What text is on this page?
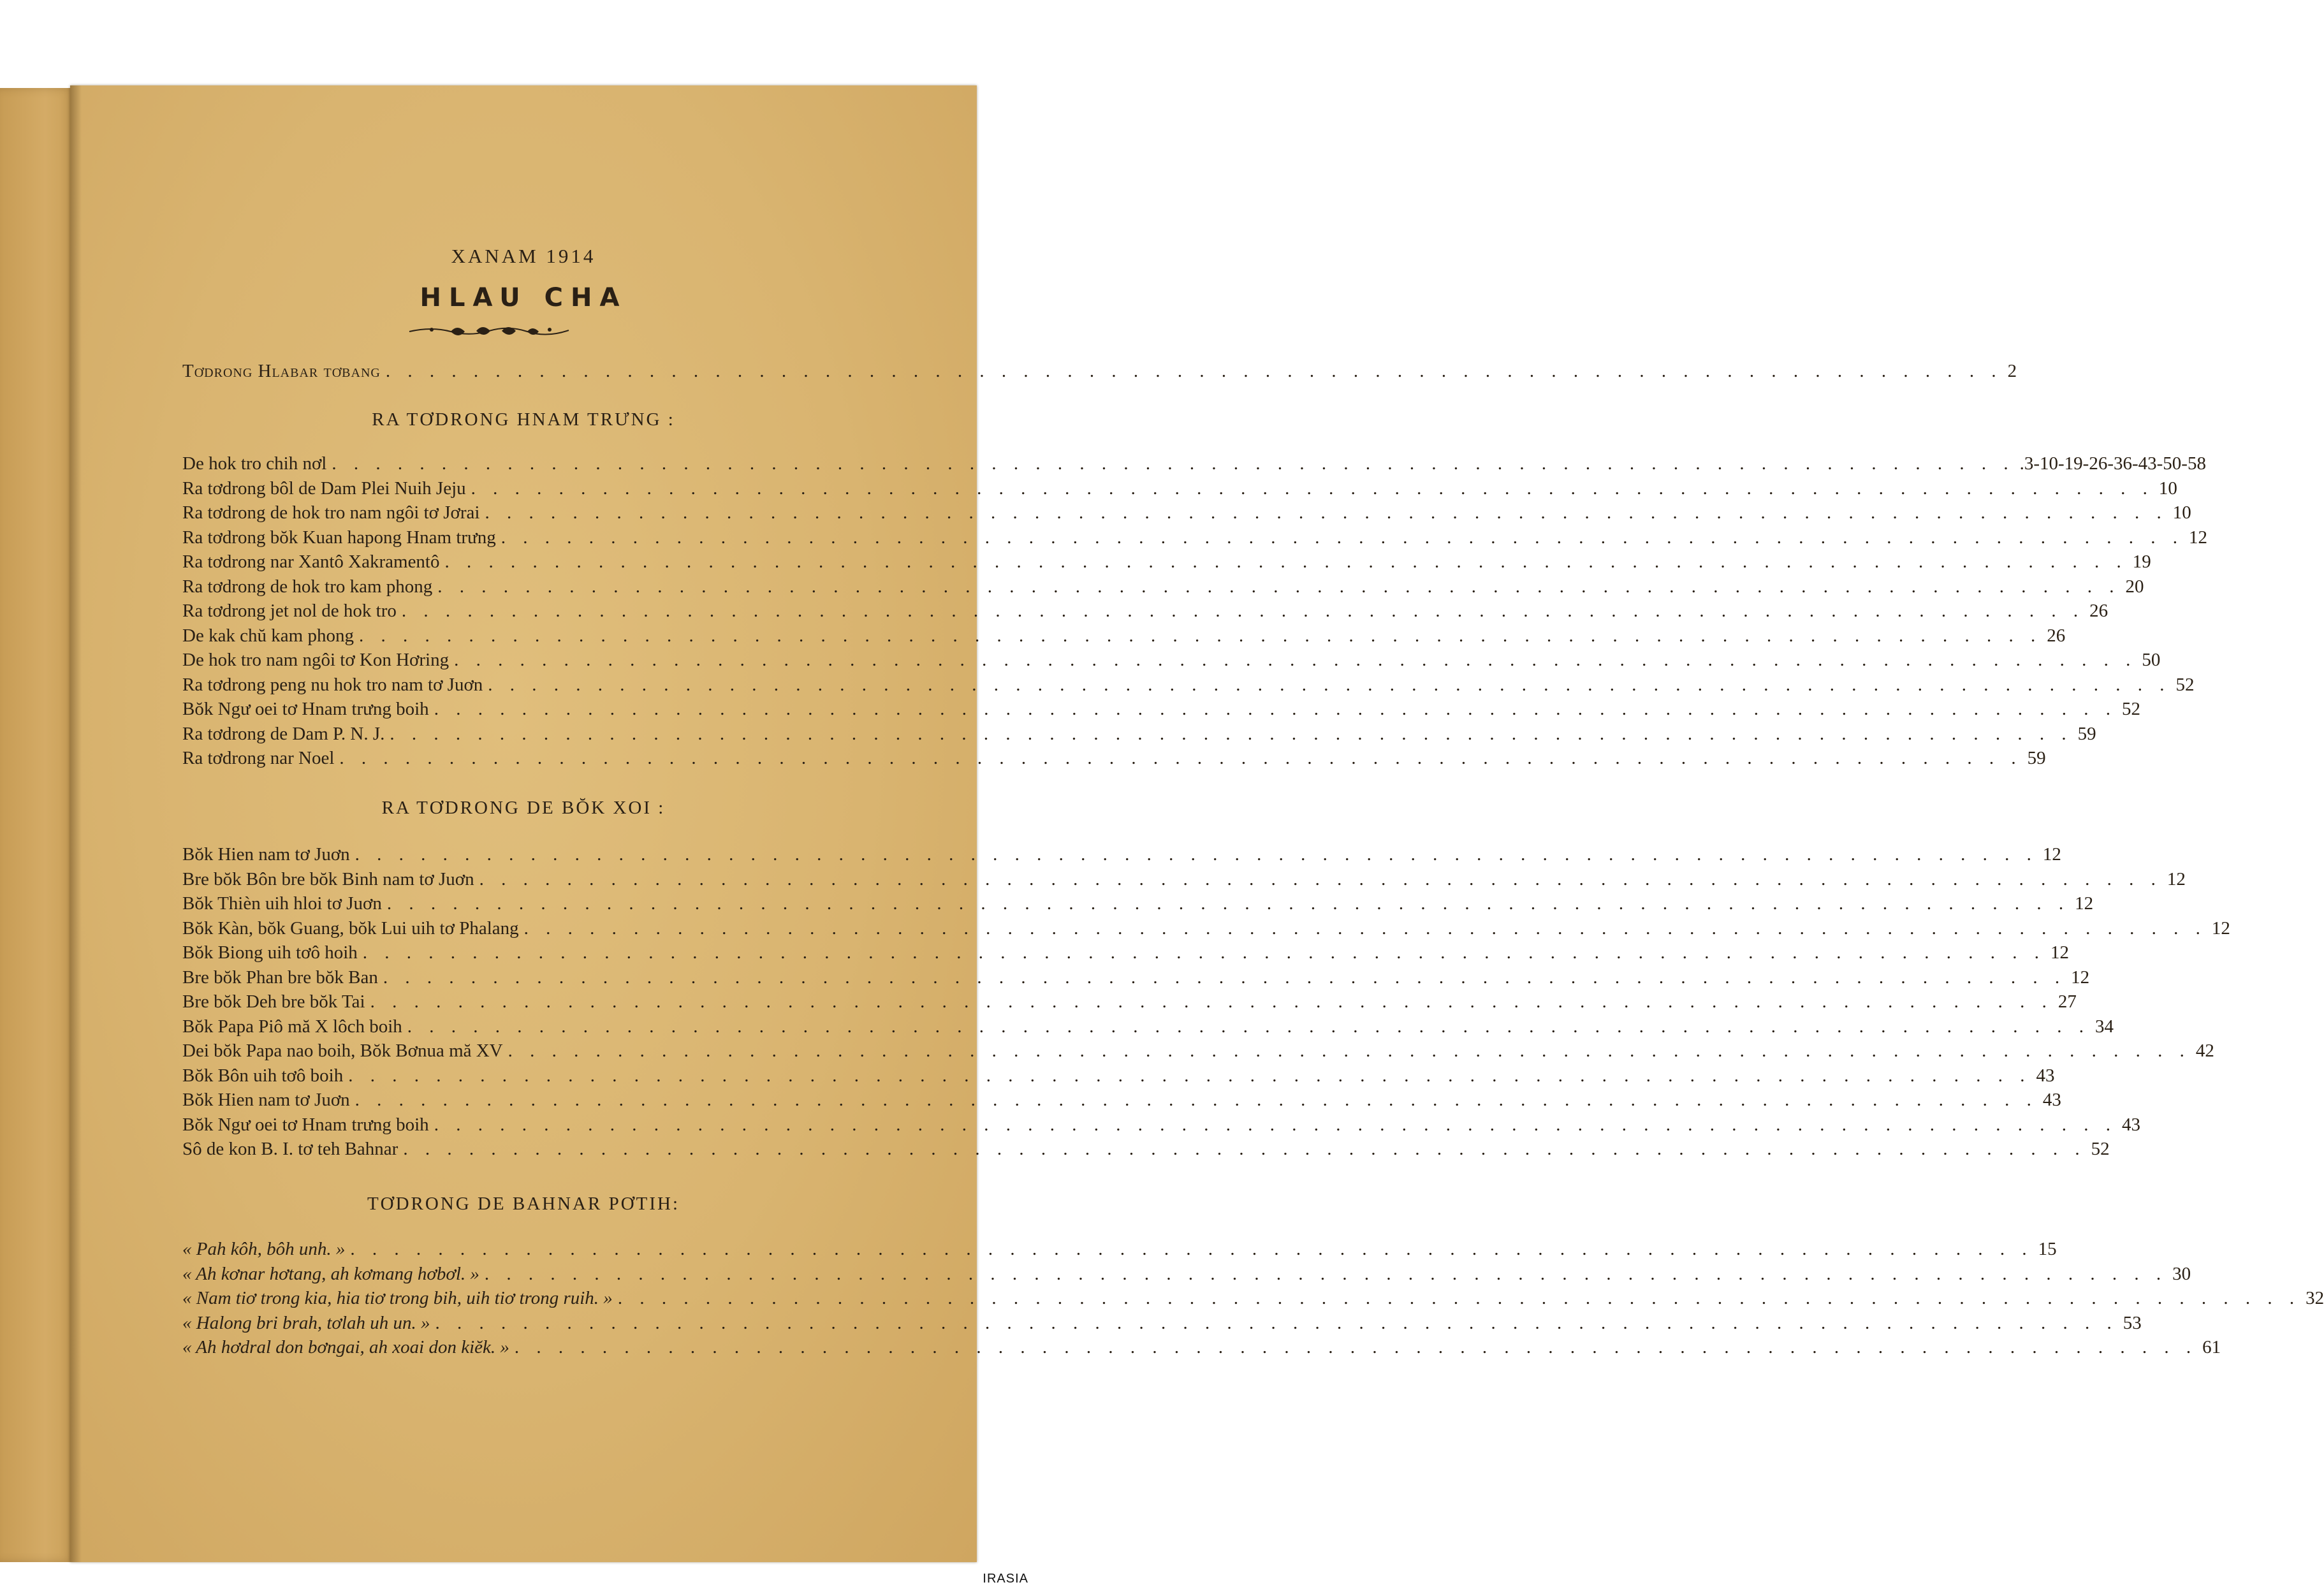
XANAM 1914
HLAU CHA
Tơdrong Hlabar tơbang . . . . . . . . . . . . . . . . . . . . . . . . . . . . . . . . . . . . . . . . . . . . . . . . . . . . . . . . . . . . . . . . . . . . . . . . . . 2
RA TƠDRONG HNAM TRƯNG :
De hok tro chih nơl . . . . . . . . . . . . . . . . . . . . . . . . . . . . . . . . . . . . . . . . . . . . . . . . . . . . . . . . . . . . . . . . . . . . . . . . . . . . . .3-10-19-26-36-43-50-58
Ra tơdrong bôl de Dam Plei Nuih Jeju . . . . . . . . . . . . . . . . . . . . . . . . . . . . . . . . . . . . . . . . . . . . . . . . . . . . . . . . . . . . . . . . . . . . . . . . . . . . . 10
Ra tơdrong de hok tro nam ngôi tơ Jơrai . . . . . . . . . . . . . . . . . . . . . . . . . . . . . . . . . . . . . . . . . . . . . . . . . . . . . . . . . . . . . . . . . . . . . . . . . . . . . 10
Ra tơdrong bŏk Kuan hapong Hnam trưng . . . . . . . . . . . . . . . . . . . . . . . . . . . . . . . . . . . . . . . . . . . . . . . . . . . . . . . . . . . . . . . . . . . . . . . . . . . . . 12
Ra tơdrong nar Xantô Xakramentô . . . . . . . . . . . . . . . . . . . . . . . . . . . . . . . . . . . . . . . . . . . . . . . . . . . . . . . . . . . . . . . . . . . . . . . . . . . . . 19
Ra tơdrong de hok tro kam phong . . . . . . . . . . . . . . . . . . . . . . . . . . . . . . . . . . . . . . . . . . . . . . . . . . . . . . . . . . . . . . . . . . . . . . . . . . . . . 20
Ra tơdrong jet nol de hok tro . . . . . . . . . . . . . . . . . . . . . . . . . . . . . . . . . . . . . . . . . . . . . . . . . . . . . . . . . . . . . . . . . . . . . . . . . . . . . 26
De kak chŭ kam phong . . . . . . . . . . . . . . . . . . . . . . . . . . . . . . . . . . . . . . . . . . . . . . . . . . . . . . . . . . . . . . . . . . . . . . . . . . . . . 26
De hok tro nam ngôi tơ Kon Hơring . . . . . . . . . . . . . . . . . . . . . . . . . . . . . . . . . . . . . . . . . . . . . . . . . . . . . . . . . . . . . . . . . . . . . . . . . . . . . 50
Ra tơdrong peng nu hok tro nam tơ Juơn . . . . . . . . . . . . . . . . . . . . . . . . . . . . . . . . . . . . . . . . . . . . . . . . . . . . . . . . . . . . . . . . . . . . . . . . . . . . . 52
Bŏk Ngư oei tơ Hnam trưng boih . . . . . . . . . . . . . . . . . . . . . . . . . . . . . . . . . . . . . . . . . . . . . . . . . . . . . . . . . . . . . . . . . . . . . . . . . . . . . 52
Ra tơdrong de Dam P. N. J. . . . . . . . . . . . . . . . . . . . . . . . . . . . . . . . . . . . . . . . . . . . . . . . . . . . . . . . . . . . . . . . . . . . . . . . . . . . . . 59
Ra tơdrong nar Noel . . . . . . . . . . . . . . . . . . . . . . . . . . . . . . . . . . . . . . . . . . . . . . . . . . . . . . . . . . . . . . . . . . . . . . . . . . . . . 59
RA TƠDRONG DE BŎK XOI :
Bŏk Hien nam tơ Juơn . . . . . . . . . . . . . . . . . . . . . . . . . . . . . . . . . . . . . . . . . . . . . . . . . . . . . . . . . . . . . . . . . . . . . . . . . . . . . 12
Bre bŏk Bôn bre bŏk Binh nam tơ Juơn . . . . . . . . . . . . . . . . . . . . . . . . . . . . . . . . . . . . . . . . . . . . . . . . . . . . . . . . . . . . . . . . . . . . . . . . . . . . . 12
Bŏk Thièn uih hloi tơ Juơn . . . . . . . . . . . . . . . . . . . . . . . . . . . . . . . . . . . . . . . . . . . . . . . . . . . . . . . . . . . . . . . . . . . . . . . . . . . . . 12
Bŏk Kàn, bŏk Guang, bŏk Lui uih tơ Phalang . . . . . . . . . . . . . . . . . . . . . . . . . . . . . . . . . . . . . . . . . . . . . . . . . . . . . . . . . . . . . . . . . . . . . . . . . . . . . 12
Bŏk Biong uih tơô hoih . . . . . . . . . . . . . . . . . . . . . . . . . . . . . . . . . . . . . . . . . . . . . . . . . . . . . . . . . . . . . . . . . . . . . . . . . . . . . 12
Bre bŏk Phan bre bŏk Ban . . . . . . . . . . . . . . . . . . . . . . . . . . . . . . . . . . . . . . . . . . . . . . . . . . . . . . . . . . . . . . . . . . . . . . . . . . . . . 12
Bre bŏk Deh bre bŏk Tai . . . . . . . . . . . . . . . . . . . . . . . . . . . . . . . . . . . . . . . . . . . . . . . . . . . . . . . . . . . . . . . . . . . . . . . . . . . . . 27
Bŏk Papa Piô mă X lôch boih . . . . . . . . . . . . . . . . . . . . . . . . . . . . . . . . . . . . . . . . . . . . . . . . . . . . . . . . . . . . . . . . . . . . . . . . . . . . . 34
Dei bŏk Papa nao boih, Bŏk Bơnua mă XV . . . . . . . . . . . . . . . . . . . . . . . . . . . . . . . . . . . . . . . . . . . . . . . . . . . . . . . . . . . . . . . . . . . . . . . . . . . . . 42
Bŏk Bôn uih tơô boih . . . . . . . . . . . . . . . . . . . . . . . . . . . . . . . . . . . . . . . . . . . . . . . . . . . . . . . . . . . . . . . . . . . . . . . . . . . . . 43
Bŏk Hien nam tơ Juơn . . . . . . . . . . . . . . . . . . . . . . . . . . . . . . . . . . . . . . . . . . . . . . . . . . . . . . . . . . . . . . . . . . . . . . . . . . . . . 43
Bŏk Ngư oei tơ Hnam trưng boih . . . . . . . . . . . . . . . . . . . . . . . . . . . . . . . . . . . . . . . . . . . . . . . . . . . . . . . . . . . . . . . . . . . . . . . . . . . . . 43
Sô de kon B. I. tơ teh Bahnar . . . . . . . . . . . . . . . . . . . . . . . . . . . . . . . . . . . . . . . . . . . . . . . . . . . . . . . . . . . . . . . . . . . . . . . . . . . . . 52
TƠDRONG DE BAHNAR PƠTIH:
« Pah kôh, bôh unh. » . . . . . . . . . . . . . . . . . . . . . . . . . . . . . . . . . . . . . . . . . . . . . . . . . . . . . . . . . . . . . . . . . . . . . . . . . . . . . 15
« Ah kơnar hơtang, ah kơmang hơbơl. » . . . . . . . . . . . . . . . . . . . . . . . . . . . . . . . . . . . . . . . . . . . . . . . . . . . . . . . . . . . . . . . . . . . . . . . . . . . . . 30
« Nam tiơ trong kia, hia tiơ trong bih, uih tiơ trong ruih. » . . . . . . . . . . . . . . . . . . . . . . . . . . . . . . . . . . . . . . . . . . . . . . . . . . . . . . . . . . . . . . . . . . . . . . . . . . . . . 32
« Halong bri brah, tơlah uh un. » . . . . . . . . . . . . . . . . . . . . . . . . . . . . . . . . . . . . . . . . . . . . . . . . . . . . . . . . . . . . . . . . . . . . . . . . . . . . . 53
« Ah hơdral don bơngai, ah xoai don kiĕk. » . . . . . . . . . . . . . . . . . . . . . . . . . . . . . . . . . . . . . . . . . . . . . . . . . . . . . . . . . . . . . . . . . . . . . . . . . . . . . 61
IRASIA
